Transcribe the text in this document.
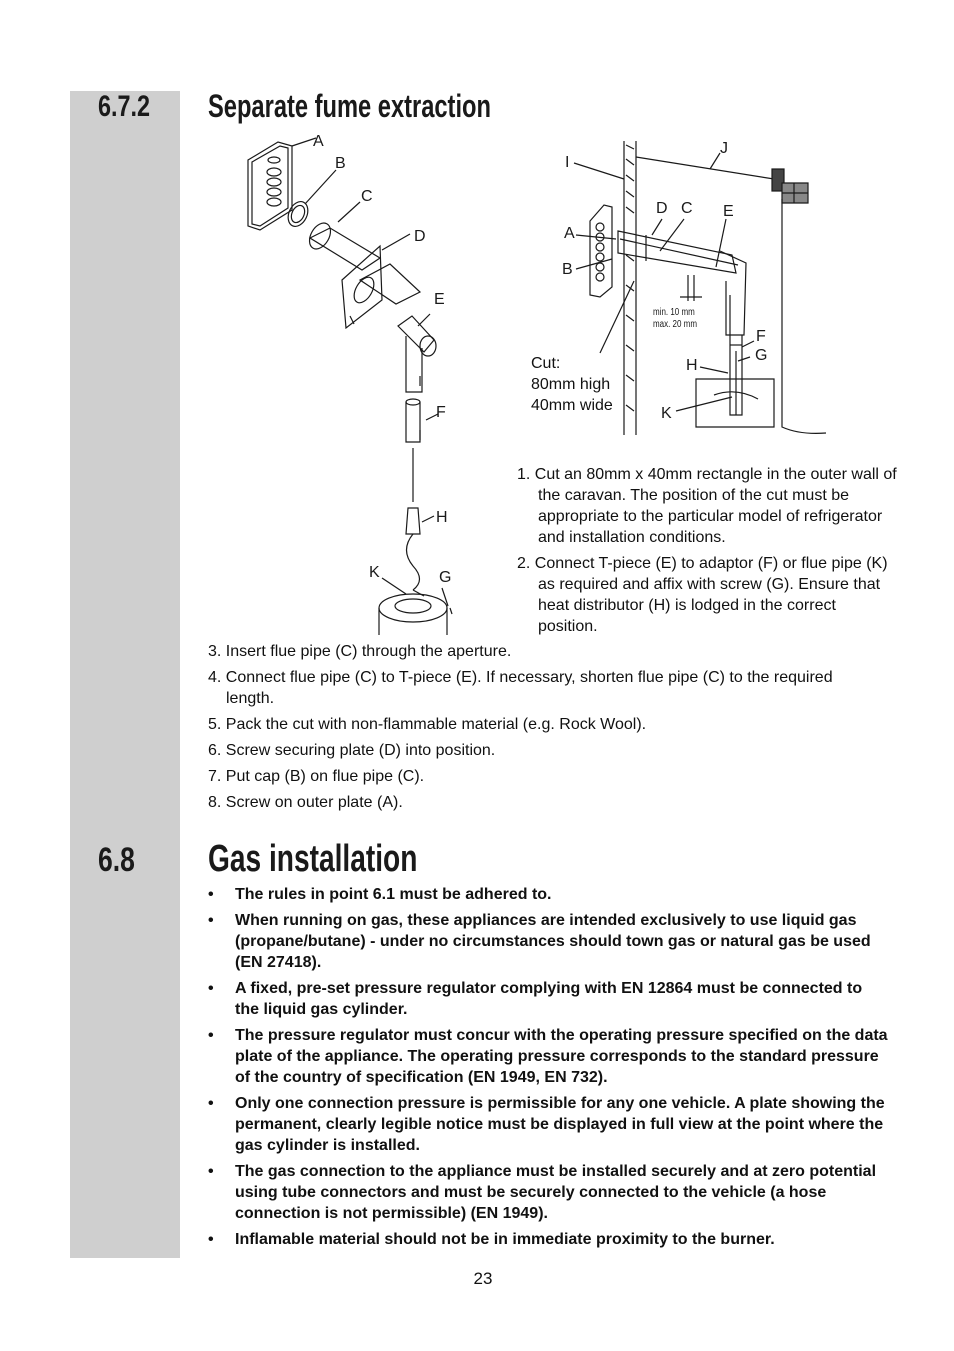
6.7.2 Separate fume extraction
A
B
C
D
E
F
H
K	G
I
J
D C E
A
B
F
G
H
K
min. 10 mm
max. 20 mm
Cut:
80mm high
40mm wide
1. Cut an 80mm x 40mm rectangle in the outer wall of the caravan. The position of the cut must be appropriate to the particular model of refrigerator and installation conditions.
2. Connect T-piece (E) to adaptor (F) or flue pipe (K) as required and affix with screw (G). Ensure that heat distributor (H) is lodged in the correct position.
3. Insert flue pipe (C) through the aperture.
4. Connect flue pipe (C) to T-piece (E). If necessary, shorten flue pipe (C) to the required length.
5. Pack the cut with non-flammable material (e.g. Rock Wool).
6. Screw securing plate (D) into position.
7. Put cap (B) on flue pipe (C).
8. Screw on outer plate (A).
6.8 Gas installation
• The rules in point 6.1 must be adhered to.
• When running on gas, these appliances are intended exclusively to use liquid gas (propane/butane) - under no circumstances should town gas or natural gas be used (EN 27418).
• A fixed, pre-set pressure regulator complying with EN 12864 must be connected to the liquid gas cylinder.
• The pressure regulator must concur with the operating pressure specified on the data plate of the appliance. The operating pressure corresponds to the standard pressure of the country of specification (EN 1949, EN 732).
• Only one connection pressure is permissible for any one vehicle. A plate showing the permanent, clearly legible notice must be displayed in full view at the point where the gas cylinder is installed.
• The gas connection to the appliance must be installed securely and at zero potential using tube connectors and must be securely connected to the vehicle (a hose connection is not permissible) (EN 1949).
• Inflamable material should not be in immediate proximity to the burner.
23
